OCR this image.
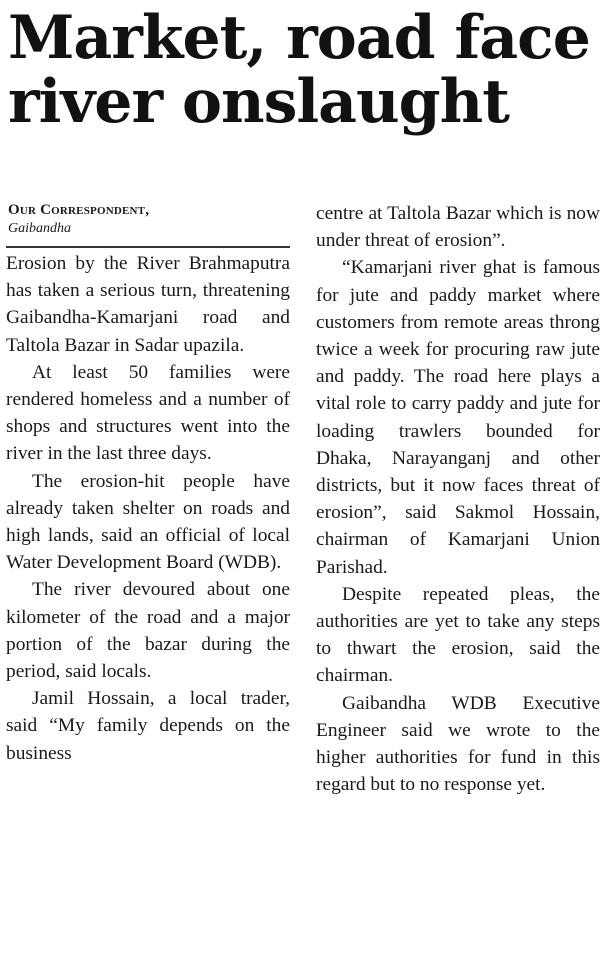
Market, road face river onslaught
Our Correspondent,
Gaibandha

Erosion by the River Brahmaputra has taken a serious turn, threatening Gaibandha-Kamarjani road and Taltola Bazar in Sadar upazila.

At least 50 families were rendered homeless and a number of shops and structures went into the river in the last three days.

The erosion-hit people have already taken shelter on roads and high lands, said an official of local Water Development Board (WDB).

The river devoured about one kilometer of the road and a major portion of the bazar during the period, said locals.

Jamil Hossain, a local trader, said “My family depends on the business

centre at Taltola Bazar which is now under threat of erosion”.

“Kamarjani river ghat is famous for jute and paddy market where customers from remote areas throng twice a week for procuring raw jute and paddy. The road here plays a vital role to carry paddy and jute for loading trawlers bounded for Dhaka, Narayanganj and other districts, but it now faces threat of erosion”, said Sakmol Hossain, chairman of Kamarjani Union Parishad.

Despite repeated pleas, the authorities are yet to take any steps to thwart the erosion, said the chairman.

Gaibandha WDB Executive Engineer said we wrote to the higher authorities for fund in this regard but to no response yet.
